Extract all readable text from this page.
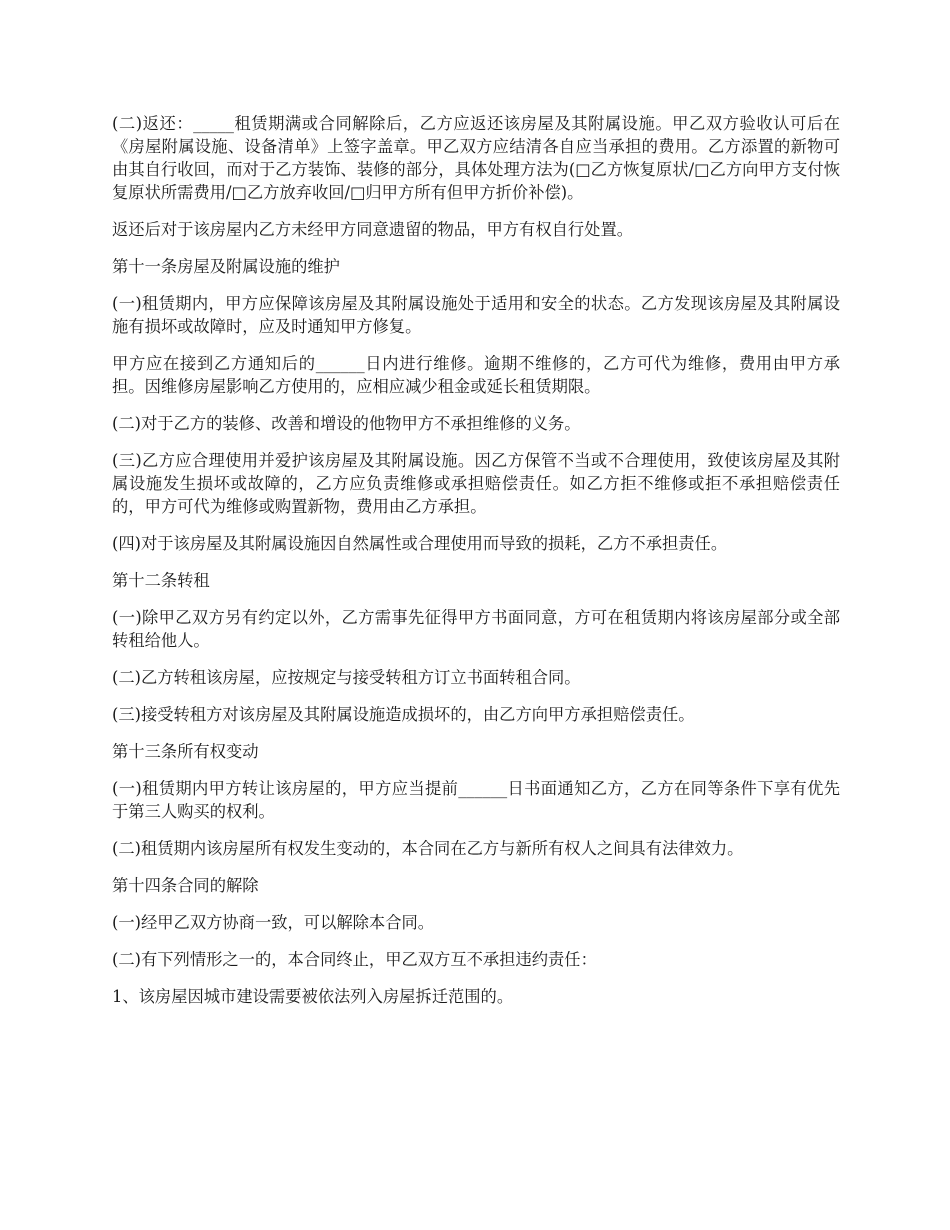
(二)返还：_____租赁期满或合同解除后，乙方应返还该房屋及其附属设施。甲乙双方验收认可后在《房屋附属设施、设备清单》上签字盖章。甲乙双方应结清各自应当承担的费用。乙方添置的新物可由其自行收回，而对于乙方装饰、装修的部分，具体处理方法为(□乙方恢复原状/□乙方向甲方支付恢复原状所需费用/□乙方放弃收回/□归甲方所有但甲方折价补偿)。

返还后对于该房屋内乙方未经甲方同意遗留的物品，甲方有权自行处置。

第十一条房屋及附属设施的维护

(一)租赁期内，甲方应保障该房屋及其附属设施处于适用和安全的状态。乙方发现该房屋及其附属设施有损坏或故障时，应及时通知甲方修复。

甲方应在接到乙方通知后的______日内进行维修。逾期不维修的，乙方可代为维修，费用由甲方承担。因维修房屋影响乙方使用的，应相应减少租金或延长租赁期限。

(二)对于乙方的装修、改善和增设的他物甲方不承担维修的义务。

(三)乙方应合理使用并爱护该房屋及其附属设施。因乙方保管不当或不合理使用，致使该房屋及其附属设施发生损坏或故障的，乙方应负责维修或承担赔偿责任。如乙方拒不维修或拒不承担赔偿责任的，甲方可代为维修或购置新物，费用由乙方承担。

(四)对于该房屋及其附属设施因自然属性或合理使用而导致的损耗，乙方不承担责任。

第十二条转租

(一)除甲乙双方另有约定以外，乙方需事先征得甲方书面同意，方可在租赁期内将该房屋部分或全部转租给他人。

(二)乙方转租该房屋，应按规定与接受转租方订立书面转租合同。

(三)接受转租方对该房屋及其附属设施造成损坏的，由乙方向甲方承担赔偿责任。

第十三条所有权变动

(一)租赁期内甲方转让该房屋的，甲方应当提前______日书面通知乙方，乙方在同等条件下享有优先于第三人购买的权利。

(二)租赁期内该房屋所有权发生变动的，本合同在乙方与新所有权人之间具有法律效力。

第十四条合同的解除

(一)经甲乙双方协商一致，可以解除本合同。

(二)有下列情形之一的，本合同终止，甲乙双方互不承担违约责任：

1、该房屋因城市建设需要被依法列入房屋拆迁范围的。
